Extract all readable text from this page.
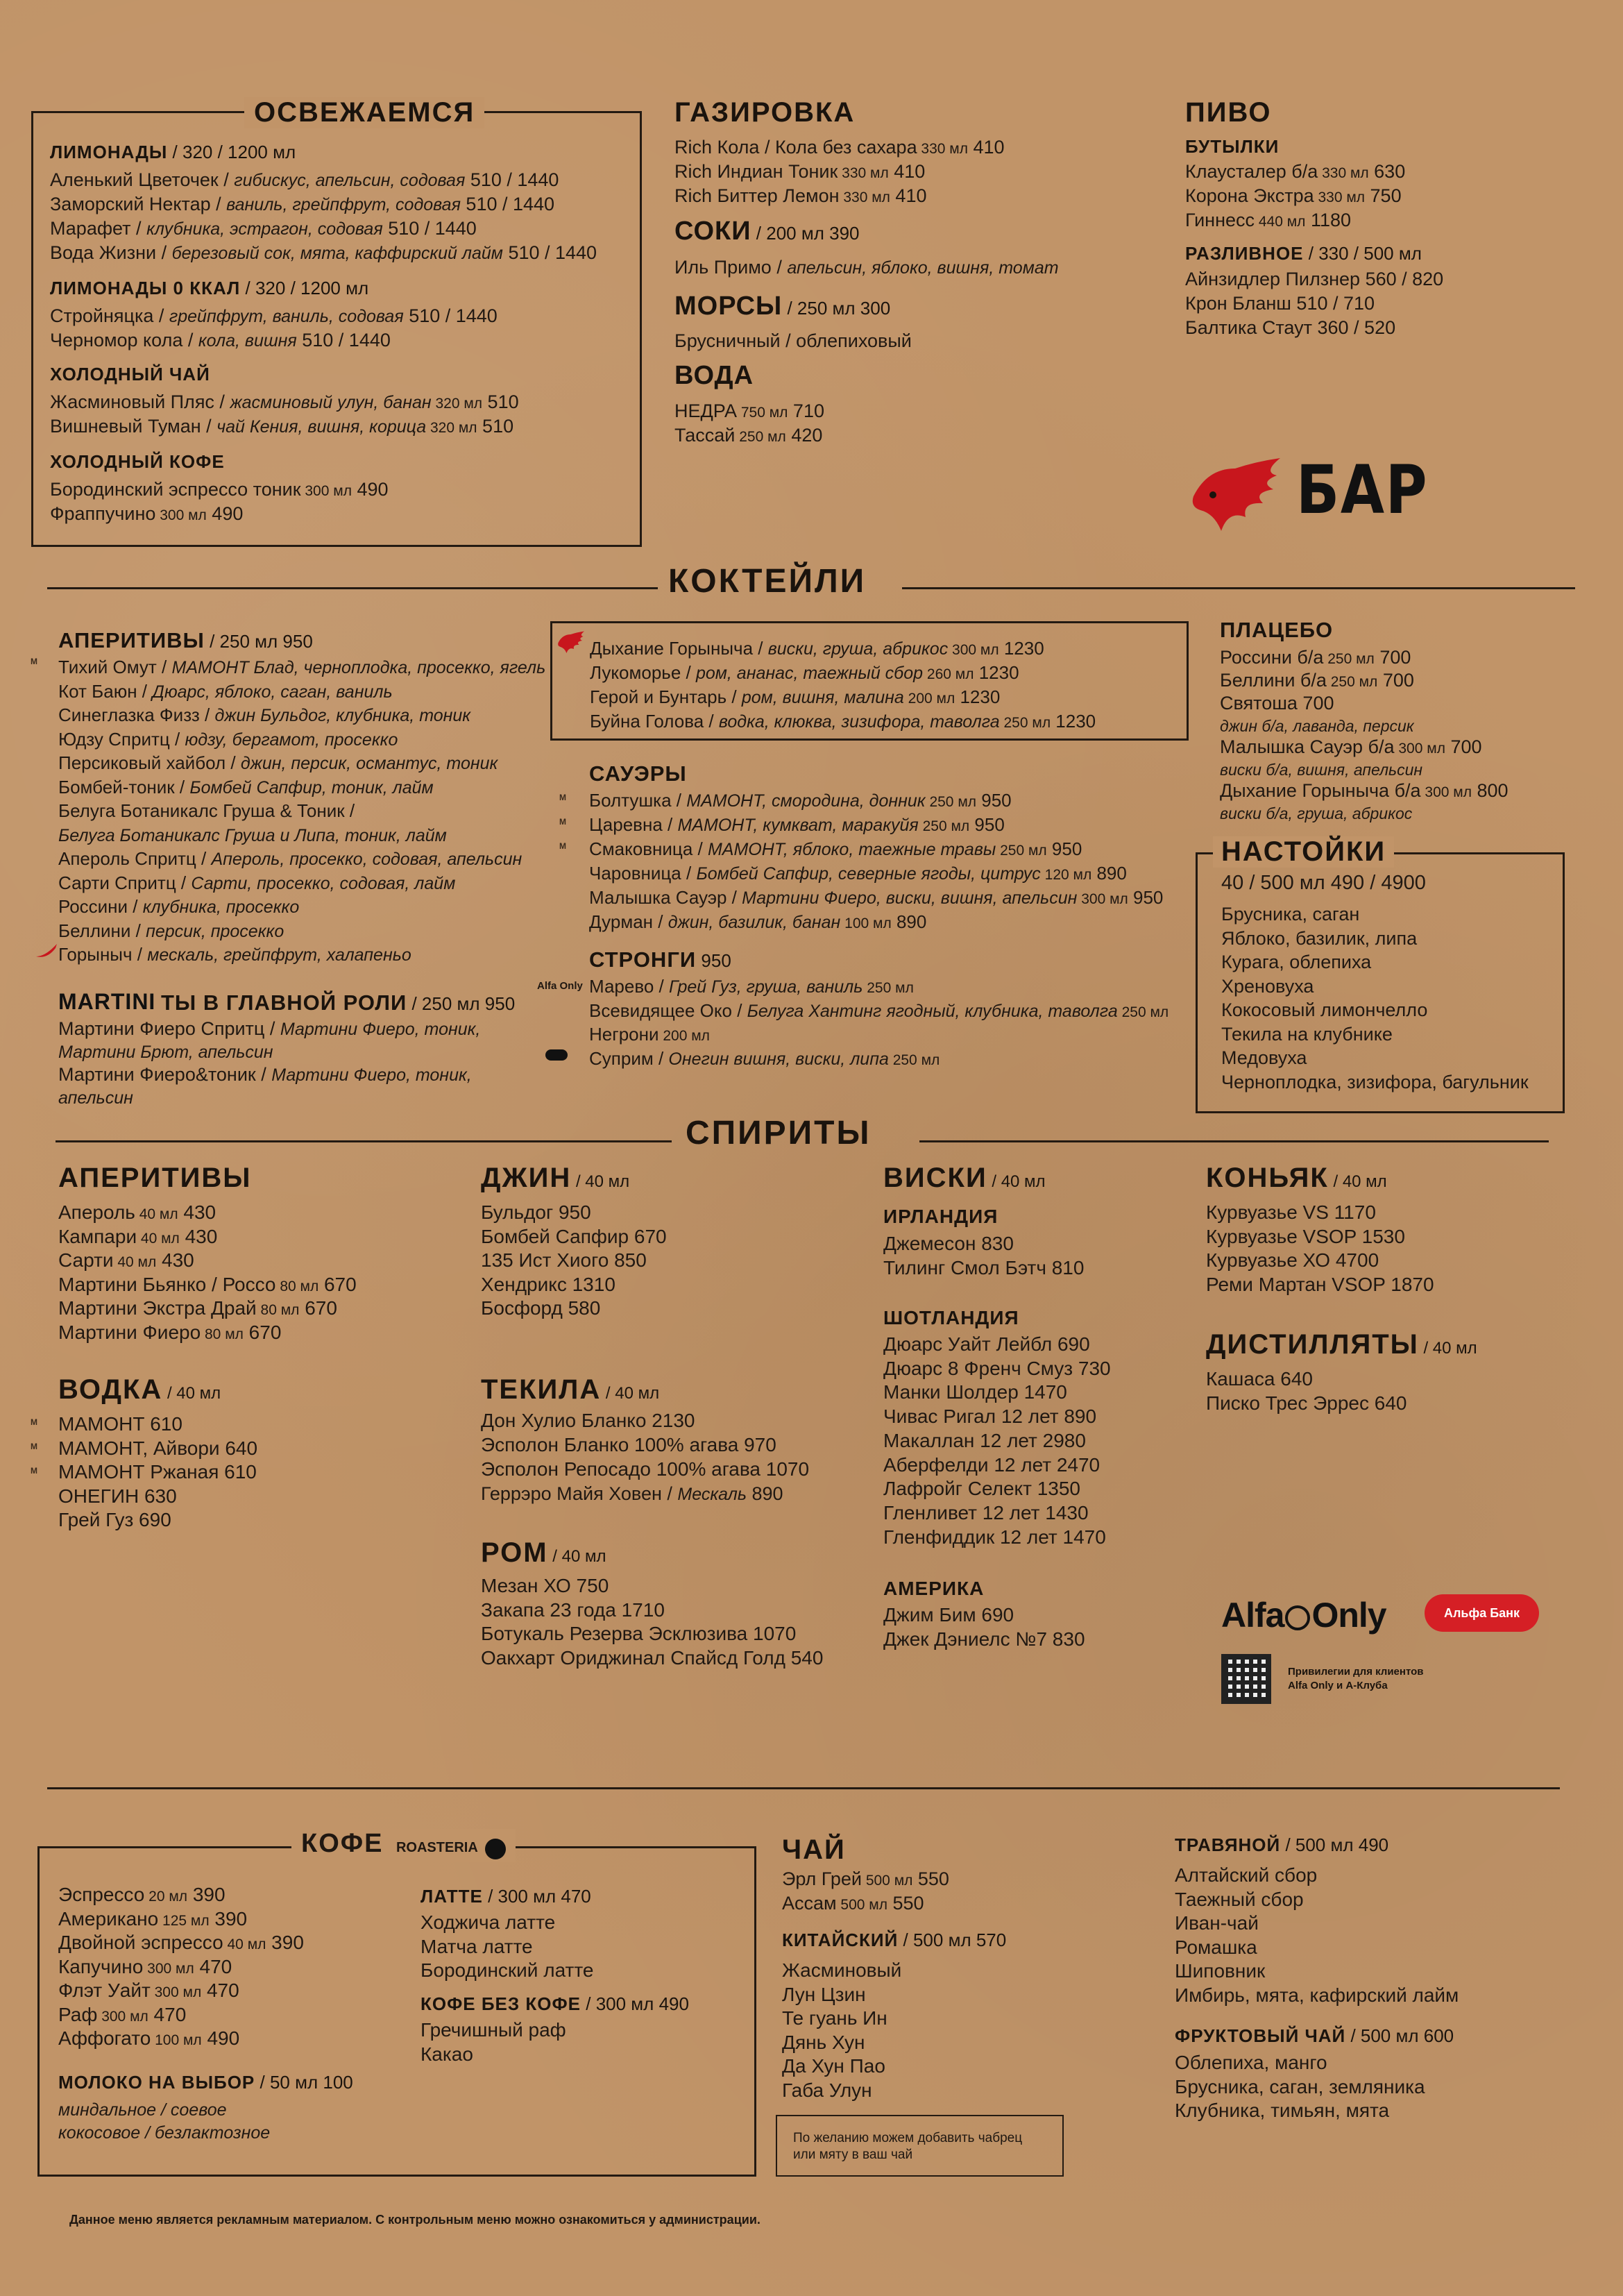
ОСВЕЖАЕМСЯ
ЛИМОНАДЫ / 320 / 1200 мл
Аленький Цветочек / гибискус, апельсин, содовая 510 / 1440
Заморский Нектар / ваниль, грейпфрут, содовая 510 / 1440
Марафет / клубника, эстрагон, содовая 510 / 1440
Вода Жизни / березовый сок, мята, каффирский лайм 510 / 1440
ЛИМОНАДЫ 0 ККАЛ / 320 / 1200 мл
Стройняцка / грейпфрут, ваниль, содовая 510 / 1440
Черномор кола / кола, вишня 510 / 1440
ХОЛОДНЫЙ ЧАЙ
Жасминовый Пляс / жасминовый улун, банан 320 мл 510
Вишневый Туман / чай Кения, вишня, корица 320 мл 510
ХОЛОДНЫЙ КОФЕ
Бородинский эспрессо тоник 300 мл 490
Фраппучино 300 мл 490
ГАЗИРОВКА
Rich Кола / Кола без сахара 330 мл 410
Rich Индиан Тоник 330 мл 410
Rich Биттер Лемон 330 мл 410
СОКИ / 200 мл 390
Иль Примо / апельсин, яблоко, вишня, томат
МОРСЫ / 250 мл 300
Брусничный / облепиховый
ВОДА
НЕДРА 750 мл 710
Тассай 250 мл 420
ПИВО
БУТЫЛКИ
Клаусталер б/а 330 мл 630
Корона Экстра 330 мл 750
Гиннесс 440 мл 1180
РАЗЛИВНОЕ / 330 / 500 мл
Айнзидлер Пилзнер 560 / 820
Крон Бланш 510 / 710
Балтика Стаут 360 / 520
БАР
КОКТЕЙЛИ
АПЕРИТИВЫ / 250 мл 950
M
MARTINI ТЫ В ГЛАВНОЙ РОЛИ / 250 мл 950
Мартини Фиеро Спритц / Мартини Фиеро, тоник,
Мартини Брют, апельсин
Мартини Фиеро&тоник / Мартини Фиеро, тоник,
апельсин
САУЭРЫ
M
M
M
СТРОНГИ 950
Alfa Only
ПЛАЦЕБО
НАСТОЙКИ
40 / 500 мл 490 / 4900
СПИРИТЫ
АПЕРИТИВЫ
ВОДКА / 40 мл
M
M
M
ДЖИН / 40 мл
ТЕКИЛА / 40 мл
Геррэро Майя Ховен / Мескаль 890
РОМ / 40 мл
ВИСКИ / 40 мл
ИРЛАНДИЯ
ШОТЛАНДИЯ
АМЕРИКА
КОНЬЯК / 40 мл
ДИСТИЛЛЯТЫ / 40 мл
Alfa Only	Альфа Банк
Привилегии для клиентов
Alfa Only и А-Клуба
КОФЕ ROASTERIA
МОЛОКО НА ВЫБОР / 50 мл 100
миндальное / соевое
кокосовое / безлактозное
ЛАТТЕ / 300 мл 470
КОФЕ БЕЗ КОФЕ / 300 мл 490
ЧАЙ
Эрл Грей 500 мл 550
Ассам 500 мл 550
КИТАЙСКИЙ / 500 мл 570
По желанию можем добавить чабрец
или мяту в ваш чай
ТРАВЯНОЙ / 500 мл 490
ФРУКТОВЫЙ ЧАЙ / 500 мл 600
Данное меню является рекламным материалом. С контрольным меню можно ознакомиться у администрации.
Тихий Омут / МАМОНТ Блад, черноплодка, просекко, ягель
Кот Баюн / Дюарс, яблоко, саган, ваниль
Синеглазка Физз / джин Бульдог, клубника, тоник
Юдзу Спритц / юдзу, бергамот, просекко
Персиковый хайбол / джин, персик, османтус, тоник
Бомбей-тоник / Бомбей Сапфир, тоник, лайм
Белуга Ботаникалс Груша & Тоник /
Белуга Ботаникалс Груша и Липа, тоник, лайм
Апероль Спритц / Апероль, просекко, содовая, апельсин
Сарти Спритц / Сарти, просекко, содовая, лайм
Россини / клубника, просекко
Беллини / персик, просекко
Горыныч / мескаль, грейпфрут, халапеньо
Дыхание Горыныча / виски, груша, абрикос 300 мл 1230
Лукоморье / ром, ананас, таежный сбор 260 мл 1230
Герой и Бунтарь / ром, вишня, малина 200 мл 1230
Буйна Голова / водка, клюква, зизифора, таволга 250 мл 1230
Болтушка / МАМОНТ, смородина, донник 250 мл 950
Царевна / МАМОНТ, кумкват, маракуйя 250 мл 950
Смаковница / МАМОНТ, яблоко, таежные травы 250 мл 950
Чаровница / Бомбей Сапфир, северные ягоды, цитрус 120 мл 890
Малышка Сауэр / Мартини Фиеро, виски, вишня, апельсин 300 мл 950
Дурман / джин, базилик, банан 100 мл 890
Марево / Грей Гуз, груша, ваниль 250 мл
Всевидящее Око / Белуга Хантинг ягодный, клубника, таволга 250 мл
Негрони 200 мл
Суприм / Онегин вишня, виски, липа 250 мл
Россини б/а 250 мл 700
Беллини б/а 250 мл 700
Святоша 700
джин б/а, лаванда, персик
Малышка Сауэр б/а 300 мл 700
виски б/а, вишня, апельсин
Дыхание Горыныча б/а 300 мл 800
виски б/а, груша, абрикос
Брусника, саган
Яблоко, базилик, липа
Курага, облепиха
Хреновуха
Кокосовый лимончелло
Текила на клубнике
Медовуха
Черноплодка, зизифора, багульник
Апероль 40 мл 430
Кампари 40 мл 430
Сарти 40 мл 430
Мартини Бьянко / Россо 80 мл 670
Мартини Экстра Драй 80 мл 670
Мартини Фиеро 80 мл 670
МАМОНТ 610
МАМОНТ, Айвори 640
МАМОНТ Ржаная 610
ОНЕГИН 630
Грей Гуз 690
Бульдог 950
Бомбей Сапфир 670
135 Ист Хиого 850
Хендрикс 1310
Босфорд 580
Дон Хулио Бланко 2130
Эсполон Бланко 100% агава 970
Эсполон Репосадо 100% агава 1070
Мезан ХО 750
Закапа 23 года 1710
Ботукаль Резерва Эсклюзива 1070
Оакхарт Ориджинал Спайсд Голд 540
Джемесон 830
Тилинг Смол Бэтч 810
Дюарс Уайт Лейбл 690
Дюарс 8 Френч Смуз 730
Манки Шолдер 1470
Чивас Ригал 12 лет 890
Макаллан 12 лет 2980
Аберфелди 12 лет 2470
Лафройг Селект 1350
Гленливет 12 лет 1430
Гленфиддик 12 лет 1470
Джим Бим 690
Джек Дэниелс №7 830
Курвуазье VS 1170
Курвуазье VSOP 1530
Курвуазье ХО 4700
Реми Мартан VSOP 1870
Кашаса 640
Писко Трес Эррес 640
Эспрессо 20 мл 390
Американо 125 мл 390
Двойной эспрессо 40 мл 390
Капучино 300 мл 470
Флэт Уайт 300 мл 470
Раф 300 мл 470
Аффогато 100 мл 490
Ходжича латте
Матча латте
Бородинский латте
Гречишный раф
Какао
Жасминовый
Лун Цзин
Те гуань Ин
Дянь Хун
Да Хун Пао
Габа Улун
Алтайский сбор
Таежный сбор
Иван-чай
Ромашка
Шиповник
Имбирь, мята, кафирский лайм
Облепиха, манго
Брусника, саган, земляника
Клубника, тимьян, мята
